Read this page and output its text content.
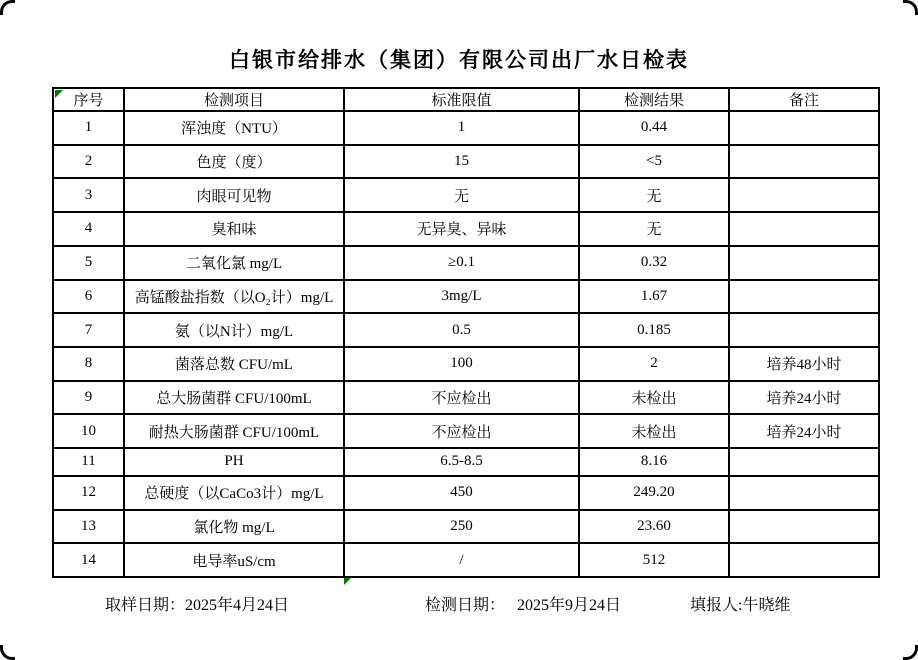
白银市给排水（集团）有限公司出厂水日检表
序号	检测项目	标准限值	检测结果	备注
1	浑浊度（NTU）	1	0.44	
2	色度（度）	15	<5	
3	肉眼可见物	无	无	
4	臭和味	无异臭、异味	无	
5	二氧化氯 mg/L	≥0.1	0.32	
6	高锰酸盐指数（以O₂计）mg/L	3mg/L	1.67	
7	氨（以N计）mg/L	0.5	0.185	
8	菌落总数 CFU/mL	100	2	培养48小时
9	总大肠菌群 CFU/100mL	不应检出	未检出	培养24小时
10	耐热大肠菌群 CFU/100mL	不应检出	未检出	培养24小时
11	PH	6.5-8.5	8.16	
12	总硬度（以CaCo3计）mg/L	450	249.20	
13	氯化物 mg/L	250	23.60	
14	电导率uS/cm	/	512	
取样日期：2025年4月24日	检测日期： 2025年9月24日	填报人:牛晓维
